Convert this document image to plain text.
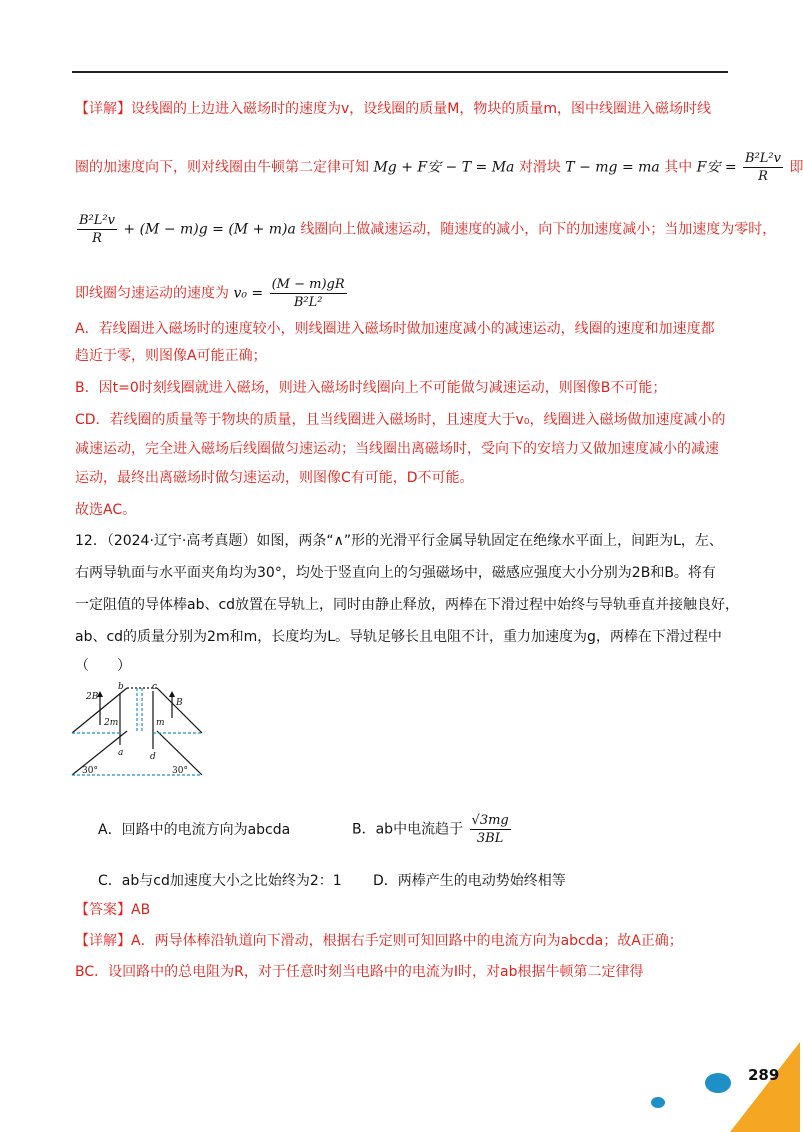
【详解】设线圈的上边进入磁场时的速度为v，设线圈的质量M，物块的质量m，图中线圈进入磁场时线
圈的加速度向下，则对线圈由牛顿第二定律可知 Mg + F安 − T = Ma 对滑块 T − mg = ma 其中 F安 = $\frac{\text{B²L²v}}{R}$ 即
$\frac{\text{B²L²v}}{R} + (M - m)g = (M + m)a$ 线圈向上做减速运动，随速度的减小，向下的加速度减小；当加速度为零时，
即线圈匀速运动的速度为 $v_0 = \frac{(M - m)gR}{\text{B²L²}}$
A．若线圈进入磁场时的速度较小，则线圈进入磁场时做加速度减小的减速运动，线圈的速度和加速度都
趋近于零，则图像A可能正确；
B．因t=0时刻线圈就进入磁场，则进入磁场时线圈向上不可能做匀减速运动，则图像B不可能；
CD．若线圈的质量等于物块的质量，且当线圈进入磁场时，且速度大于v₀，线圈进入磁场做加速度减小的
减速运动，完全进入磁场后线圈做匀速运动；当线圈出离磁场时，受向下的安培力又做加速度减小的减速
运动，最终出离磁场时做匀速运动，则图像C有可能，D不可能。
故选AC。
12．（2024·辽宁·高考真题）如图，两条“∧”形的光滑平行金属导轨固定在绝缘水平面上，间距为L，左、
右两导轨面与水平面夹角均为30°，均处于竖直向上的匀强磁场中，磁感应强度大小分别为2B和B。将有
一定阻值的导体棒ab、cd放置在导轨上，同时由静止释放，两棒在下滑过程中始终与导轨垂直并接触良好，
ab、cd的质量分别为2m和m，长度均为L。导轨足够长且电阻不计，重力加速度为g，两棒在下滑过程中
（　　）
2B
B
b	c
a	d
2m	m
30°	30°
A．回路中的电流方向为abcda	B．ab中电流趋于 $\frac{√3mg}{3BL}$
C．ab与cd加速度大小之比始终为2：1 D．两棒产生的电动势始终相等
【答案】AB
【详解】A．两导体棒沿轨道向下滑动，根据右手定则可知回路中的电流方向为abcda；故A正确；
BC．设回路中的总电阻为R，对于任意时刻当电路中的电流为I时，对ab根据牛顿第二定律得
289
